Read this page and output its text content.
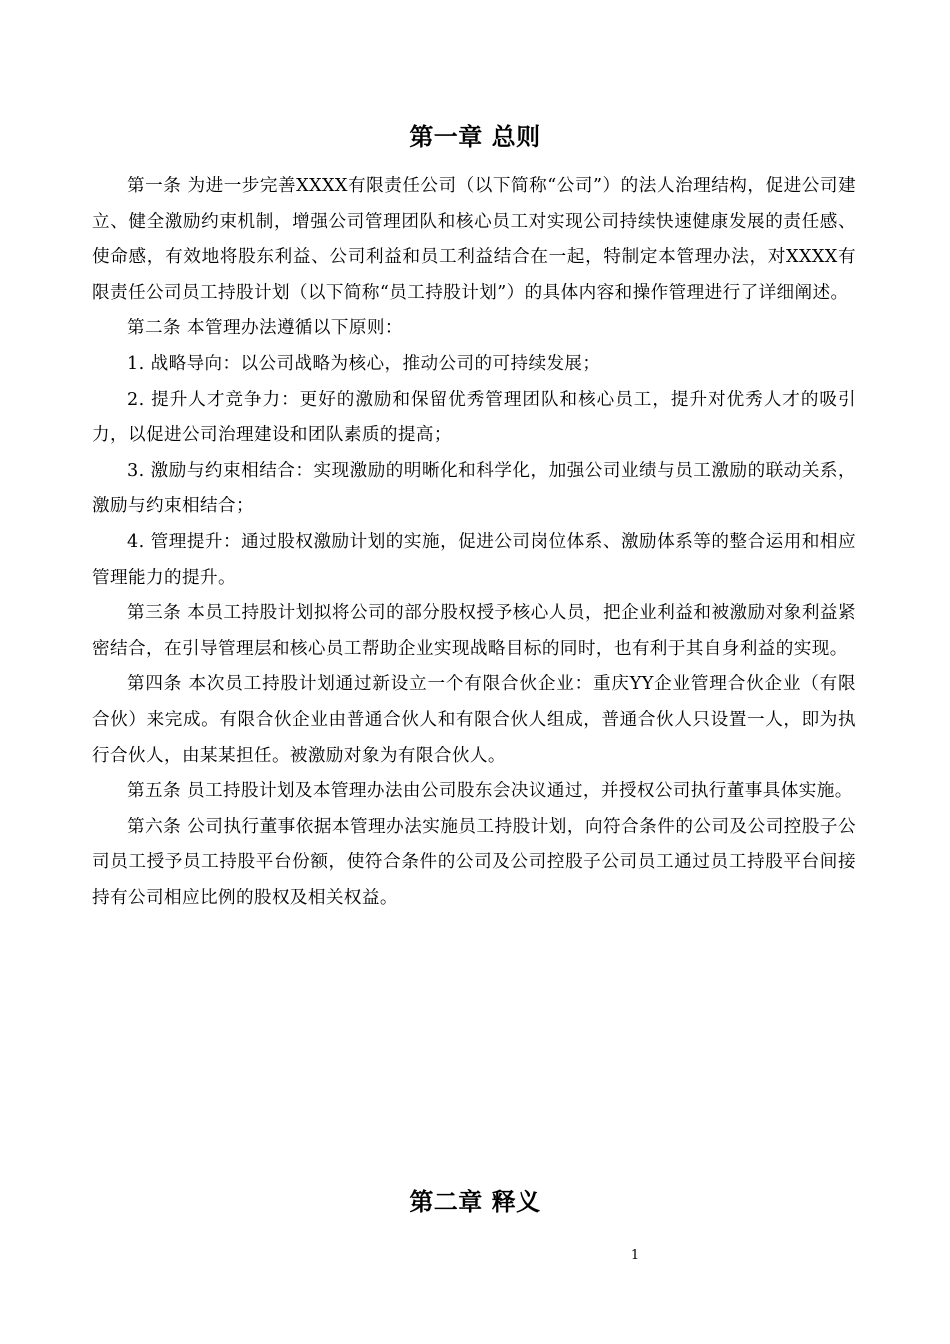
第一章 总则

第一条 为进一步完善XXXX有限责任公司（以下简称“公司”）的法人治理结构，促进公司建立、健全激励约束机制，增强公司管理团队和核心员工对实现公司持续快速健康发展的责任感、使命感，有效地将股东利益、公司利益和员工利益结合在一起，特制定本管理办法，对XXXX有限责任公司员工持股计划（以下简称“员工持股计划”）的具体内容和操作管理进行了详细阐述。

第二条 本管理办法遵循以下原则：

1. 战略导向：以公司战略为核心，推动公司的可持续发展；

2. 提升人才竞争力：更好的激励和保留优秀管理团队和核心员工，提升对优秀人才的吸引力，以促进公司治理建设和团队素质的提高；

3. 激励与约束相结合：实现激励的明晰化和科学化，加强公司业绩与员工激励的联动关系，激励与约束相结合；

4. 管理提升：通过股权激励计划的实施，促进公司岗位体系、激励体系等的整合运用和相应管理能力的提升。

第三条 本员工持股计划拟将公司的部分股权授予核心人员，把企业利益和被激励对象利益紧密结合，在引导管理层和核心员工帮助企业实现战略目标的同时，也有利于其自身利益的实现。

第四条 本次员工持股计划通过新设立一个有限合伙企业：重庆YY企业管理合伙企业（有限合伙）来完成。有限合伙企业由普通合伙人和有限合伙人组成，普通合伙人只设置一人，即为执行合伙人，由某某担任。被激励对象为有限合伙人。

第五条 员工持股计划及本管理办法由公司股东会决议通过，并授权公司执行董事具体实施。

第六条 公司执行董事依据本管理办法实施员工持股计划，向符合条件的公司及公司控股子公司员工授予员工持股平台份额，使符合条件的公司及公司控股子公司员工通过员工持股平台间接持有公司相应比例的股权及相关权益。

第二章 释义
1
